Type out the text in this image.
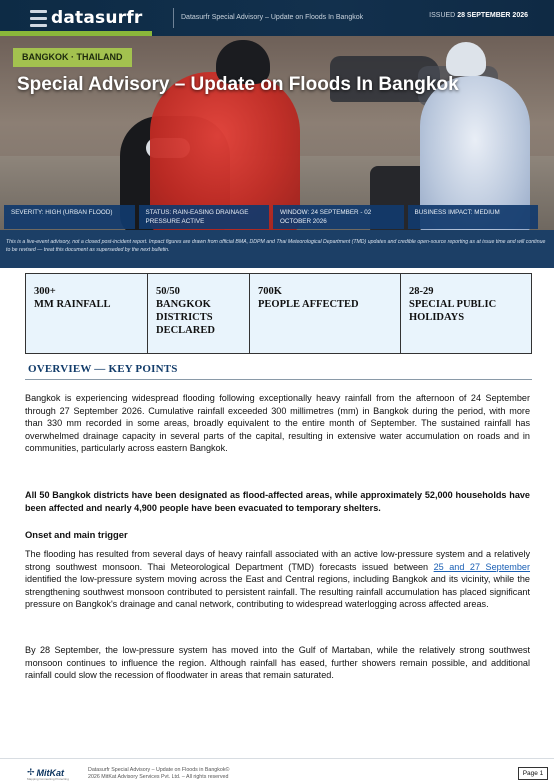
datasurfr	Datasurfr Special Advisory – Update on Floods In Bangkok	ISSUED 28 SEPTEMBER 2026
BANGKOK · THAILAND
Special Advisory – Update on Floods In Bangkok
SEVERITY: HIGH (URBAN FLOOD)	STATUS: RAIN-EASING DRAINAGE PRESSURE ACTIVE
WINDOW: 24 SEPTEMBER - 02 OCTOBER 2026
BUSINESS IMPACT: MEDIUM
This is a live-event advisory, not a closed post-incident report. Impact figures are drawn from official BMA, DDPM and Thai Meteorological Department (TMD) updates and credible open-source reporting as at issue time and will continue to be revised — treat this document as superseded by the next bulletin.
300+
MM RAINFALL
50/50
BANGKOK DISTRICTS DECLARED
700K
PEOPLE AFFECTED
28-29
SPECIAL PUBLIC HOLIDAYS
OVERVIEW — KEY POINTS

Bangkok is experiencing widespread flooding following exceptionally heavy rainfall from the afternoon of 24 September through 27 September 2026. Cumulative rainfall exceeded 300 millimetres (mm) in Bangkok during the period, with more than 330 mm recorded in some areas, broadly equivalent to the entire month of September. The sustained rainfall has overwhelmed drainage capacity in several parts of the capital, resulting in extensive water accumulation on roads and in communities, particularly across eastern Bangkok.

All 50 Bangkok districts have been designated as flood-affected areas, while approximately 52,000 households have been affected and nearly 4,900 people have been evacuated to temporary shelters.

Onset and main trigger

The flooding has resulted from several days of heavy rainfall associated with an active low-pressure system and a relatively strong southwest monsoon. Thai Meteorological Department (TMD) forecasts issued between 25 and 27 September identified the low-pressure system moving across the East and Central regions, including Bangkok and its vicinity, while the strengthening southwest monsoon contributed to persistent rainfall. The resulting rainfall accumulation has placed significant pressure on Bangkok's drainage and canal network, contributing to widespread waterlogging across affected areas.

By 28 September, the low-pressure system has moved into the Gulf of Martaban, while the relatively strong southwest monsoon continues to influence the region. Although rainfall has eased, further showers remain possible, and additional rainfall could slow the recession of floodwater in areas that remain saturated.

✢ MitKat
Mapping Connecting Protecting
Datasurfr Special Advisory – Update on Floods in Bangkok©
2026 MitKat Advisory Services Pvt. Ltd. – All rights reserved	Page 1
